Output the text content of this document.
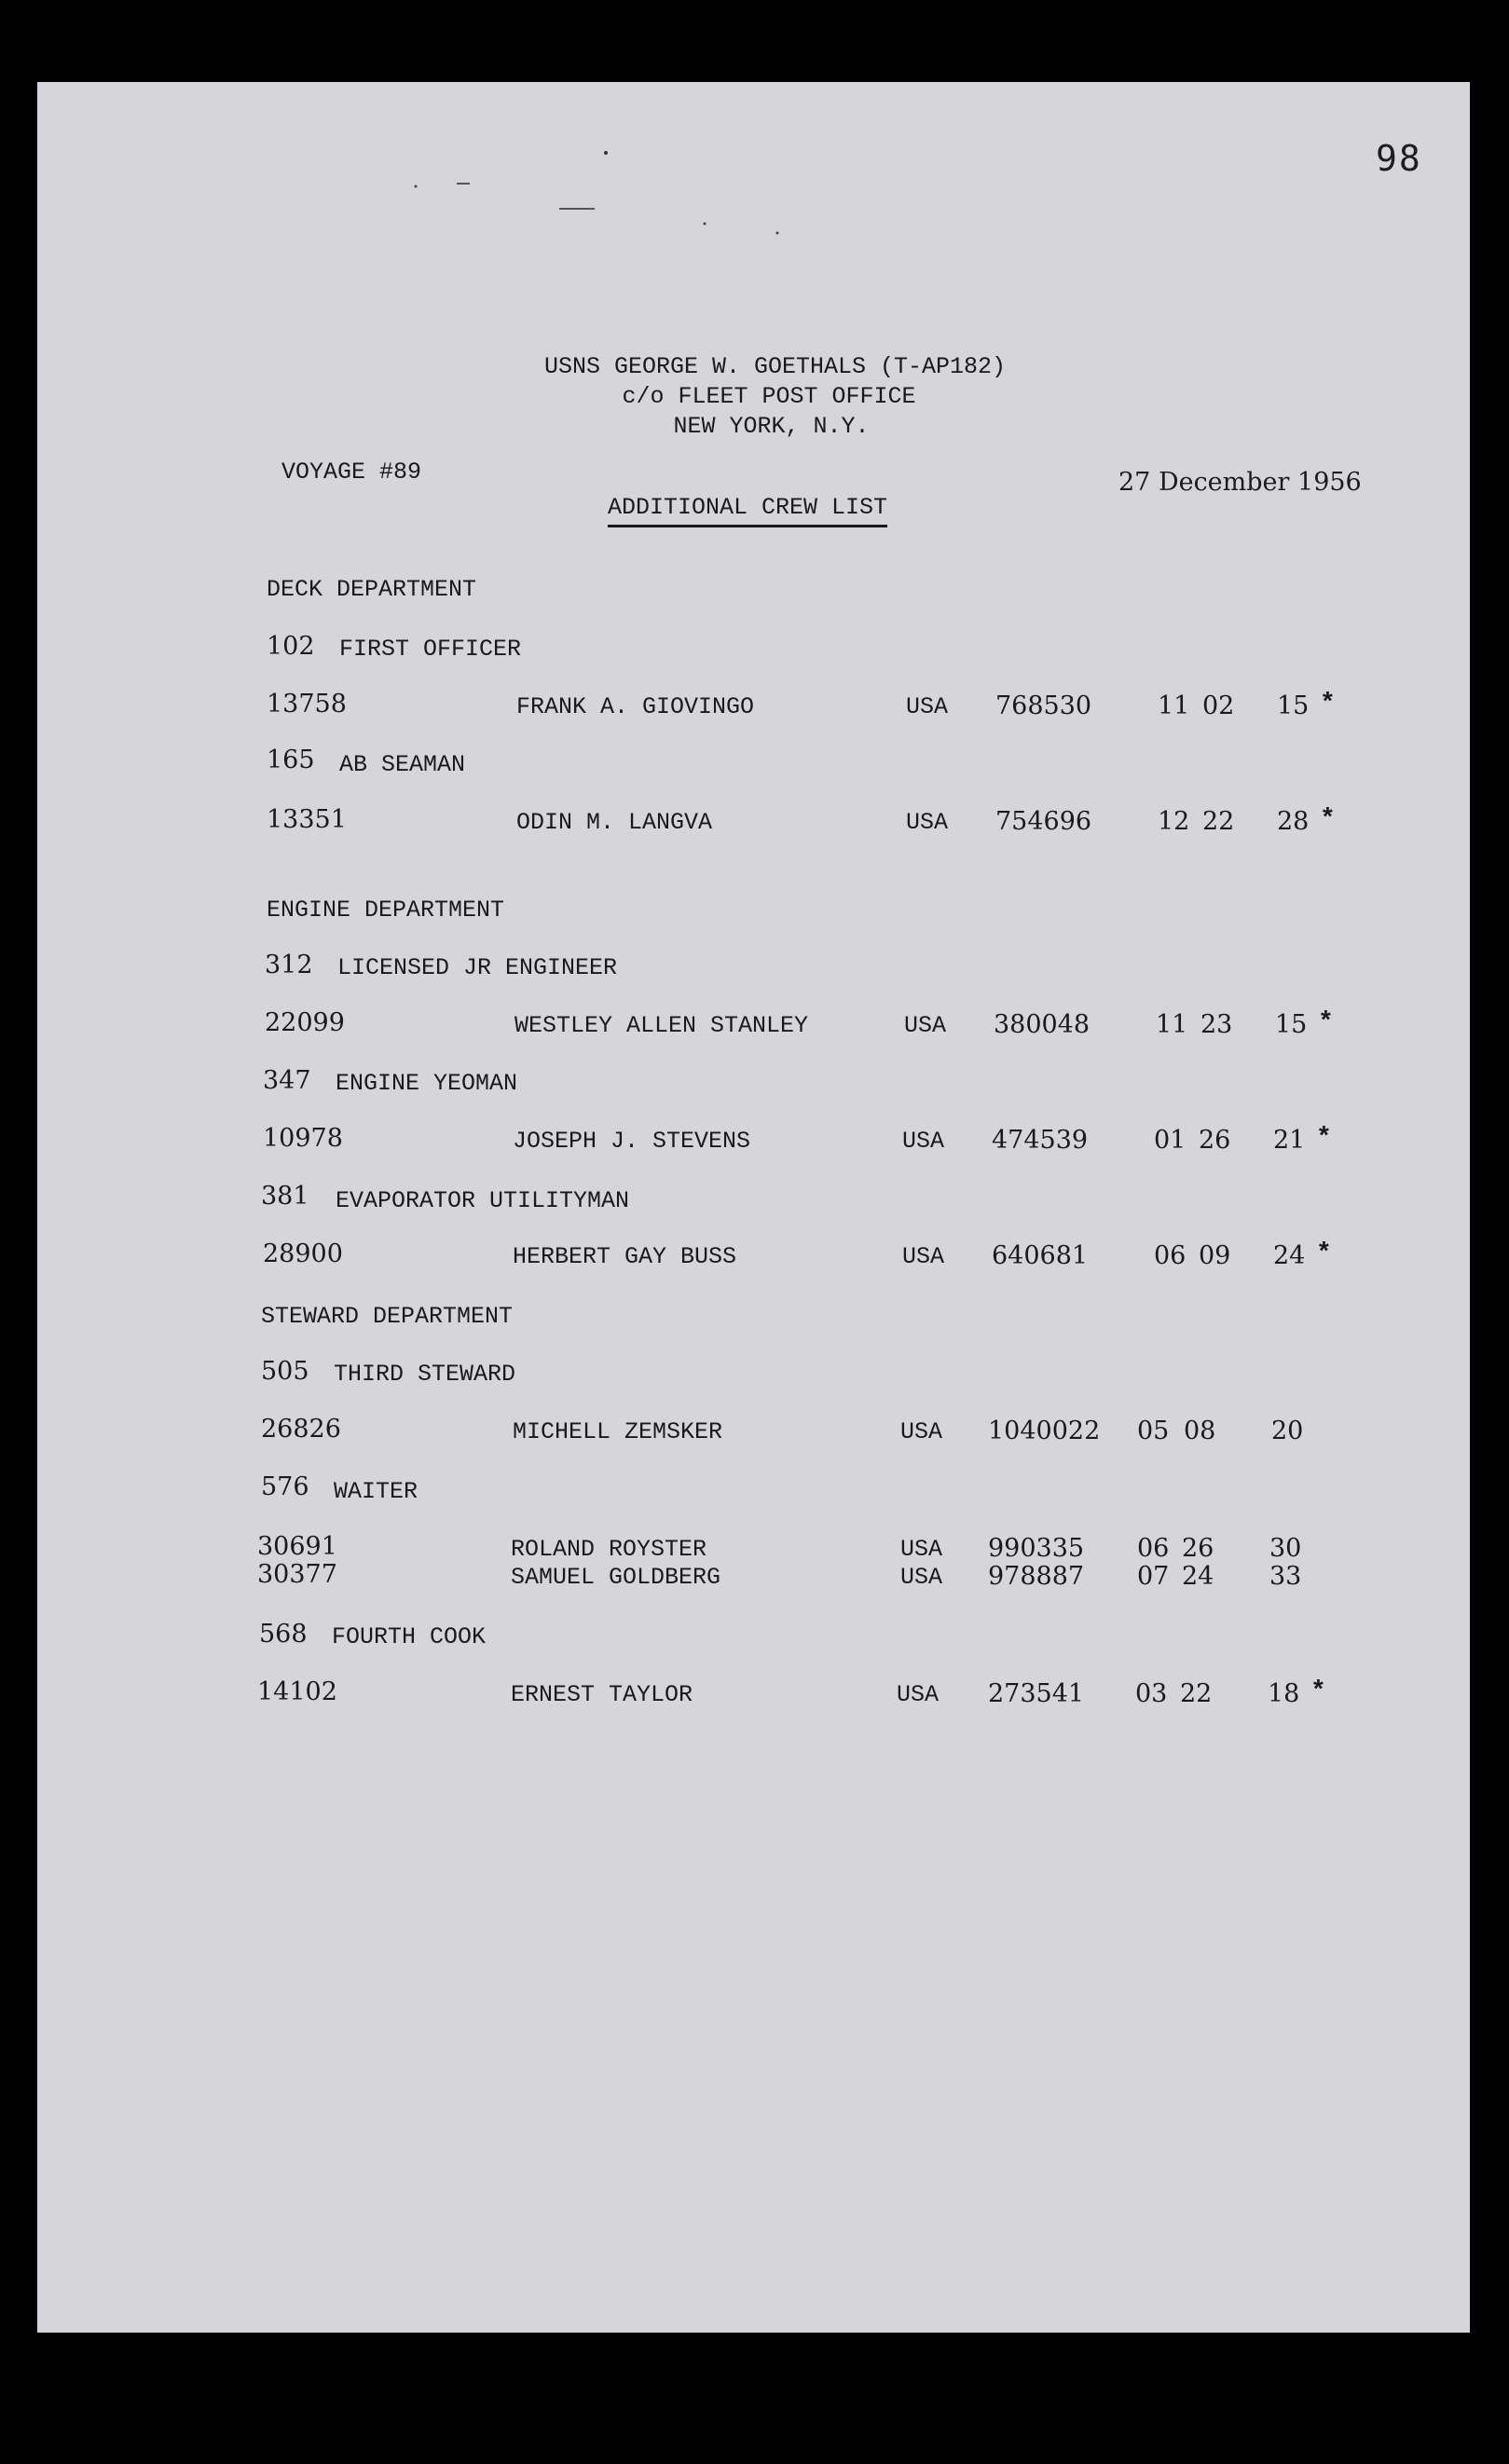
98
USNS GEORGE W. GOETHALS (T-AP182)
c/o FLEET POST OFFICE
NEW YORK, N.Y.
VOYAGE #89	27 December 1956
ADDITIONAL CREW LIST
DECK DEPARTMENT
102 FIRST OFFICER
13758	FRANK A. GIOVINGO	USA 768530	11 02 15 *
165 AB SEAMAN
13351	ODIN M. LANGVA	USA 754696	12 22 28 *
ENGINE DEPARTMENT
312 LICENSED JR ENGINEER
22099	WESTLEY ALLEN STANLEY	USA 380048	11 23 15 *
347 ENGINE YEOMAN
10978	JOSEPH J. STEVENS	USA 474539	01 26 21 *
381 EVAPORATOR UTILITYMAN
28900	HERBERT GAY BUSS	USA 640681	06 09 24 *
STEWARD DEPARTMENT
505 THIRD STEWARD
26826	MICHELL ZEMSKER	USA 1040022 05 08 20
576 WAITER
30691	ROLAND ROYSTER	USA 990335 06 26 30
30377	SAMUEL GOLDBERG	USA 978887 07 24 33
568 FOURTH COOK
14102	ERNEST TAYLOR	USA 273541 03 22 18 *
